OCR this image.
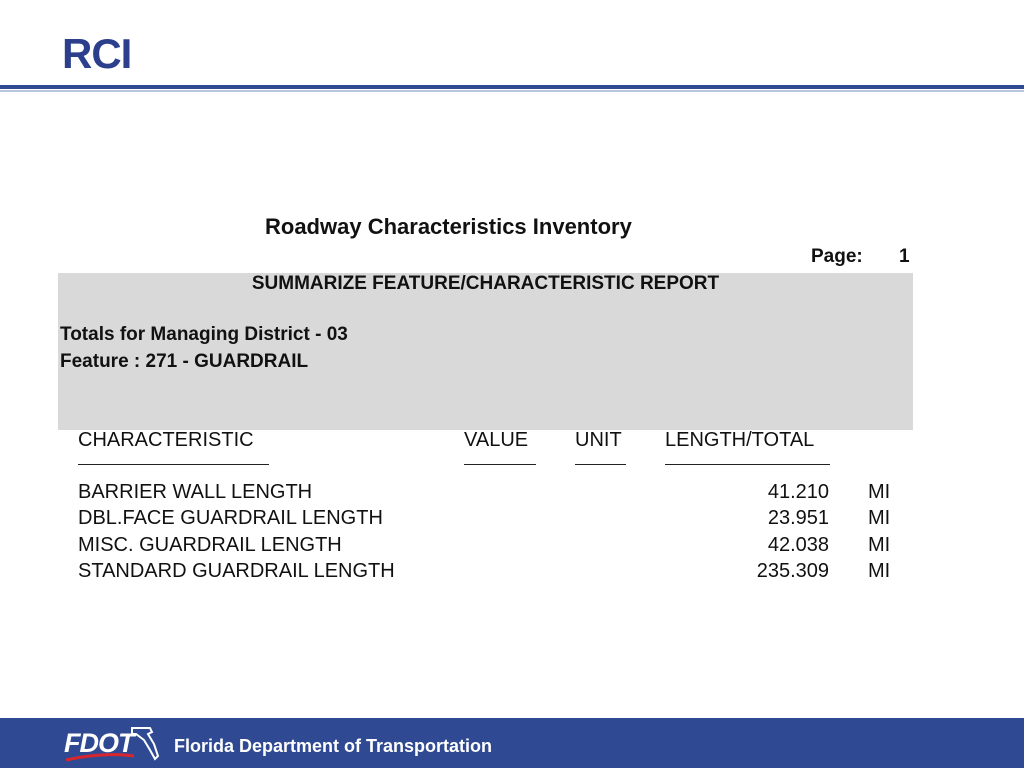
RCI
Roadway Characteristics Inventory
Page: 1
SUMMARIZE FEATURE/CHARACTERISTIC REPORT
Totals for Managing District - 03
Feature : 271 - GUARDRAIL
CHARACTERISTIC	VALUE UNIT LENGTH/TOTAL
BARRIER WALL LENGTH	41.210 MI
DBL.FACE GUARDRAIL LENGTH	23.951 MI
MISC. GUARDRAIL LENGTH	42.038 MI
STANDARD GUARDRAIL LENGTH	235.309 MI
FDOT Florida Department of Transportation
